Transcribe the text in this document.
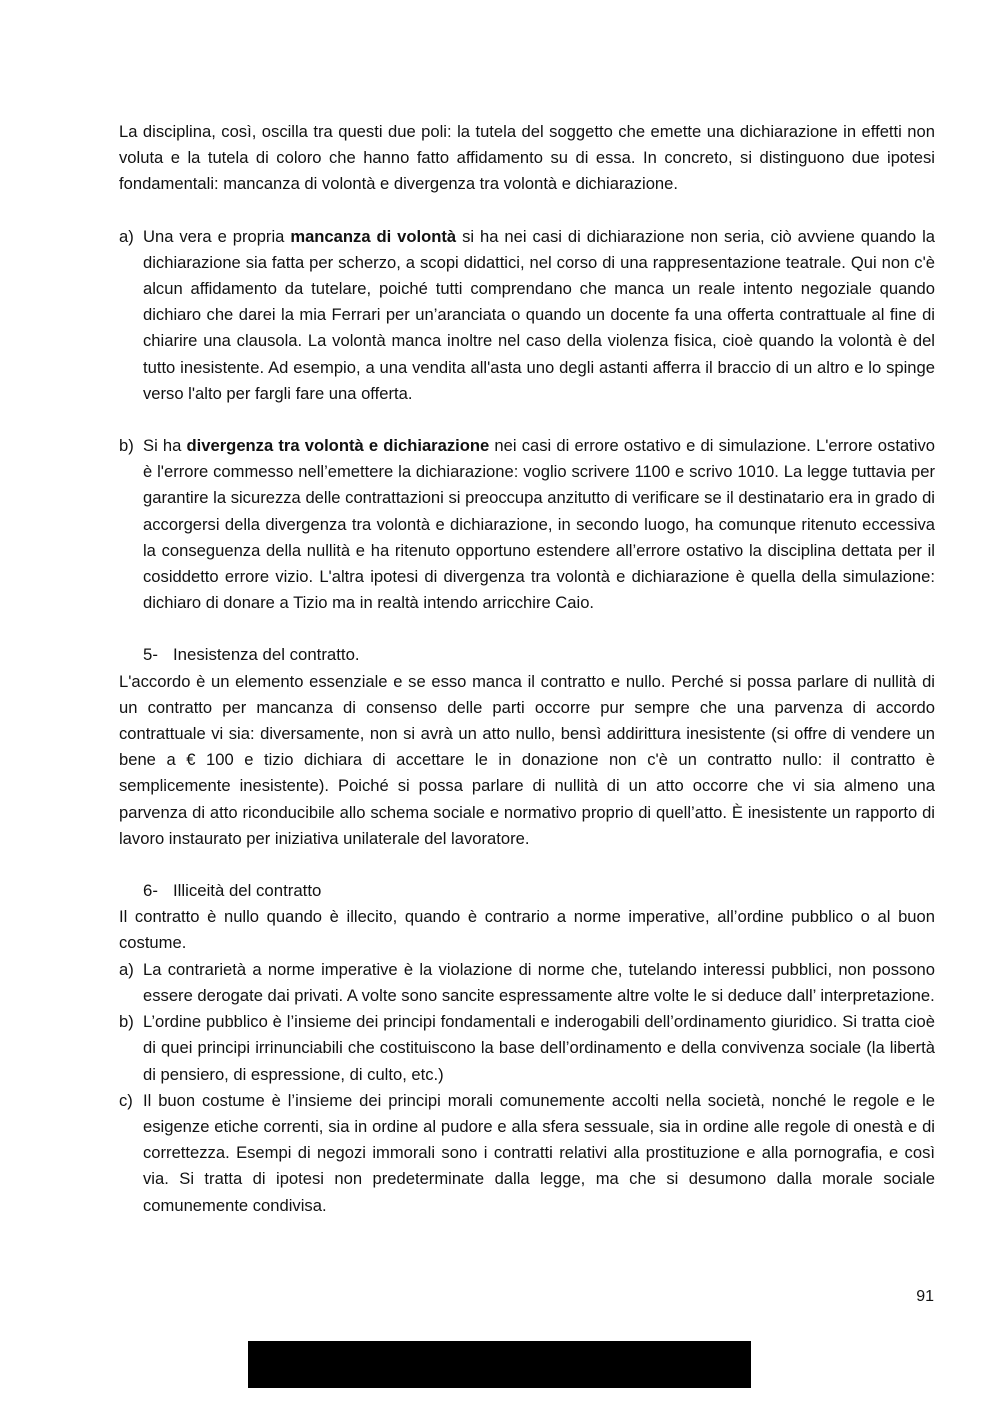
La disciplina, così, oscilla tra questi due poli: la tutela del soggetto che emette una dichiarazione in effetti non voluta e la tutela di coloro che hanno fatto affidamento su di essa. In concreto, si distinguono due ipotesi fondamentali: mancanza di volontà e divergenza tra volontà e dichiarazione.

a) Una vera e propria mancanza di volontà si ha nei casi di dichiarazione non seria, ciò avviene quando la dichiarazione sia fatta per scherzo, a scopi didattici, nel corso di una rappresentazione teatrale. Qui non c'è alcun affidamento da tutelare, poiché tutti comprendano che manca un reale intento negoziale quando dichiaro che darei la mia Ferrari per un’aranciata o quando un docente fa una offerta contrattuale al fine di chiarire una clausola. La volontà manca inoltre nel caso della violenza fisica, cioè quando la volontà è del tutto inesistente. Ad esempio, a una vendita all'asta uno degli astanti afferra il braccio di un altro e lo spinge verso l'alto per fargli fare una offerta.

b) Si ha divergenza tra volontà e dichiarazione nei casi di errore ostativo e di simulazione. L'errore ostativo è l'errore commesso nell’emettere la dichiarazione: voglio scrivere 1100 e scrivo 1010. La legge tuttavia per garantire la sicurezza delle contrattazioni si preoccupa anzitutto di verificare se il destinatario era in grado di accorgersi della divergenza tra volontà e dichiarazione, in secondo luogo, ha comunque ritenuto eccessiva la conseguenza della nullità e ha ritenuto opportuno estendere all’errore ostativo la disciplina dettata per il cosiddetto errore vizio. L'altra ipotesi di divergenza tra volontà e dichiarazione è quella della simulazione: dichiaro di donare a Tizio ma in realtà intendo arricchire Caio.

5- Inesistenza del contratto.

L'accordo è un elemento essenziale e se esso manca il contratto e nullo. Perché si possa parlare di nullità di un contratto per mancanza di consenso delle parti occorre pur sempre che una parvenza di accordo contrattuale vi sia: diversamente, non si avrà un atto nullo, bensì addirittura inesistente (si offre di vendere un bene a € 100 e tizio dichiara di accettare le in donazione non c'è un contratto nullo: il contratto è semplicemente inesistente). Poiché si possa parlare di nullità di un atto occorre che vi sia almeno una parvenza di atto riconducibile allo schema sociale e normativo proprio di quell’atto. È inesistente un rapporto di lavoro instaurato per iniziativa unilaterale del lavoratore.

6- Illiceità del contratto

Il contratto è nullo quando è illecito, quando è contrario a norme imperative, all’ordine pubblico o al buon costume.

a) La contrarietà a norme imperative è la violazione di norme che, tutelando interessi pubblici, non possono essere derogate dai privati. A volte sono sancite espressamente altre volte le si deduce dall’ interpretazione.

b) L’ordine pubblico è l’insieme dei principi fondamentali e inderogabili dell’ordinamento giuridico. Si tratta cioè di quei principi irrinunciabili che costituiscono la base dell’ordinamento e della convivenza sociale (la libertà di pensiero, di espressione, di culto, etc.)

c) Il buon costume è l’insieme dei principi morali comunemente accolti nella società, nonché le regole e le esigenze etiche correnti, sia in ordine al pudore e alla sfera sessuale, sia in ordine alle regole di onestà e di correttezza. Esempi di negozi immorali sono i contratti relativi alla prostituzione e alla pornografia, e così via. Si tratta di ipotesi non predeterminate dalla legge, ma che si desumono dalla morale sociale comunemente condivisa.

91
